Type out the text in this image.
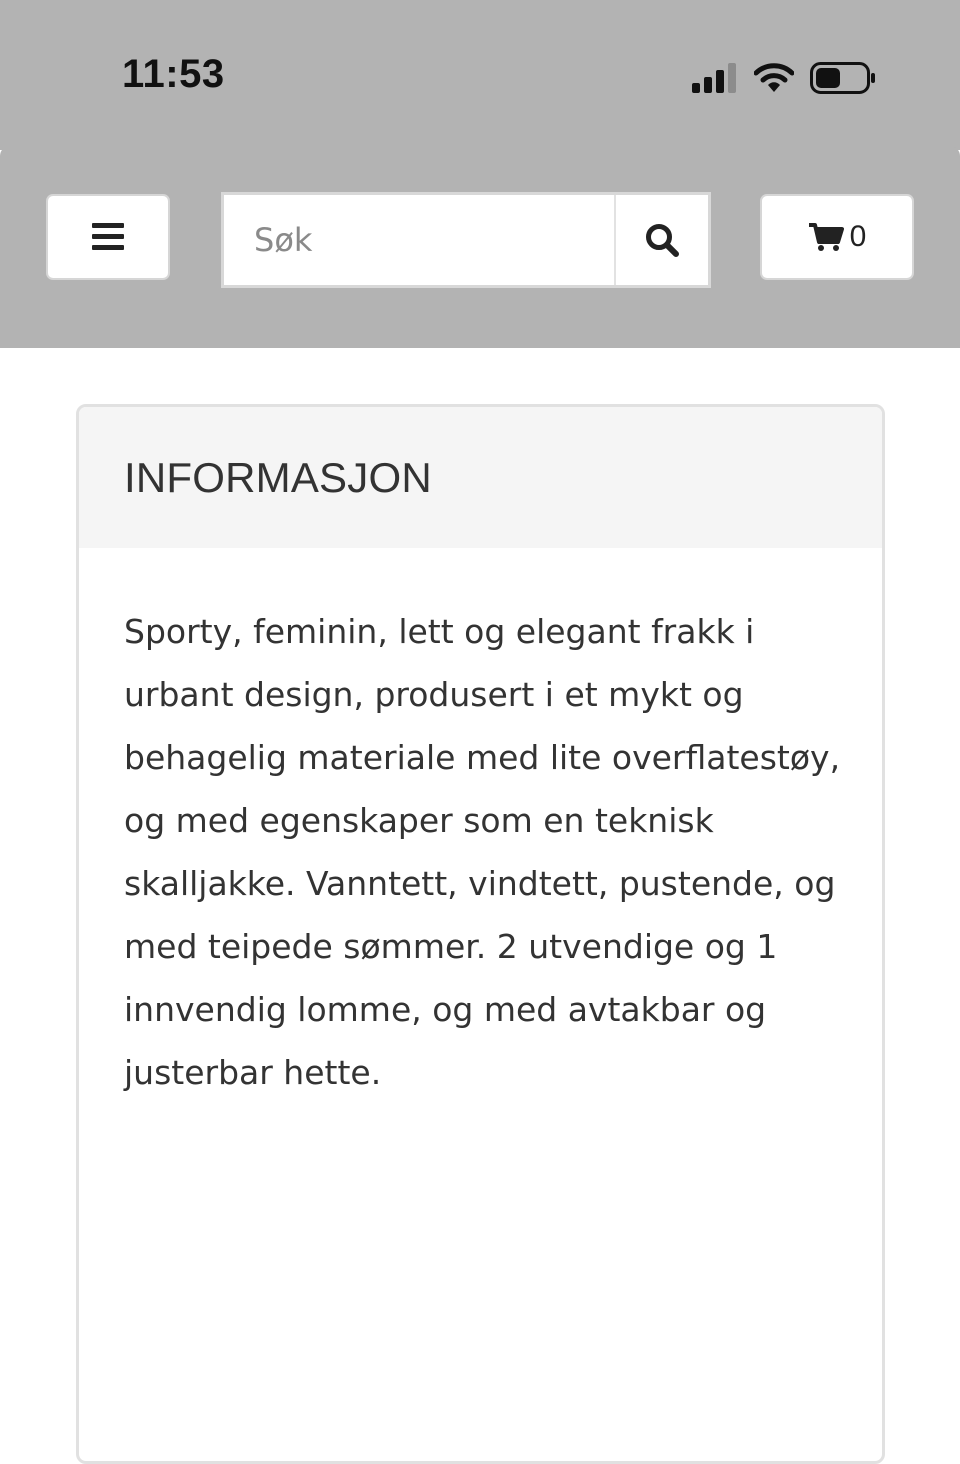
11:53
Søk
0
INFORMASJON
Sporty, feminin, lett og elegant frakk i urbant design, produsert i et mykt og behagelig materiale med lite overflatestøy, og med egenskaper som en teknisk skalljakke. Vanntett, vindtett, pustende, og med teipede sømmer. 2 utvendige og 1 innvendig lomme, og med avtakbar og justerbar hette.
